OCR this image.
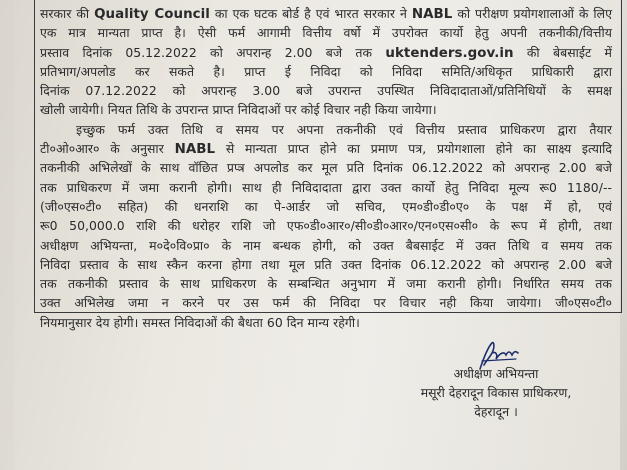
सरकार की Quality Council का एक घटक बोर्ड है एवं भारत सरकार ने NABL को परीक्षण प्रयोगशालाओं के लिए
एक मात्र मान्यता प्राप्त है। ऐसी फर्म आगामी वित्तीय वर्षो में उपरोक्त कार्यो हेतु अपनी तकनीकी/वित्तीय
प्रस्ताव दिनांक 05.12.2022 को अपरान्ह 2.00 बजे तक uktenders.gov.in की बेबसाईट में
प्रतिभाग/अपलोड कर सकते है। प्राप्त ई निविदा को निविदा समिति/अधिकृत प्राधिकारी द्वारा
दिनांक 07.12.2022 को अपरान्ह 3.00 बजे उपरान्त उपस्थित निविदादाताओं/प्रतिनिधियों के समक्ष
खोली जायेगी। नियत तिथि के उपरान्त प्राप्त निविदाओं पर कोई विचार नही किया जायेगा।
इच्छुक फर्म उक्त तिथि व समय पर अपना तकनीकी एवं वित्तीय प्रस्ताव प्राधिकरण द्वारा तैयार
टी०ओ०आर० के अनुसार NABL से मान्यता प्राप्त होने का प्रमाण पत्र, प्रयोगशाला होने का साक्ष्य इत्यादि
तकनीकी अभिलेखों के साथ वॉछित प्रप्त्र अपलोड कर मूल प्रति दिनांक 06.12.2022 को अपरान्ह 2.00 बजे
तक प्राधिकरण में जमा करानी होगी। साथ ही निविदादाता द्वारा उक्त कार्यो हेतु निविदा मूल्य रू0 1180/--
(जी०एस०टी० सहित) की धनराशि का पे-आर्डर जो सचिव, एम०डी०डी०ए० के पक्ष में हो, एवं
रू0 50,000.0 राशि की धरोहर राशि जो एफ०डी०आर०/सी०डी०आर०/एन०एस०सी० के रूप में होगी, तथा
अधीक्षण अभियन्ता, म०दे०वि०प्रा० के नाम बन्धक होगी, को उक्त बैबसाईट में उक्त तिथि व समय तक
निविदा प्रस्ताव के साथ स्कैन करना होगा तथा मूल प्रति उक्त दिनांक 06.12.2022 को अपरान्ह 2.00 बजे
तक तकनीकी प्रस्ताव के साथ प्राधिकरण के सम्बन्धित अनुभाग में जमा करानी होगी। निर्धारित समय तक
उक्त अभिलेख जमा न करने पर उस फर्म की निविदा पर विचार नही किया जायेगा। जी०एस०टी०
नियमानुसार देय होगी। समस्त निविदाओं की बैधता 60 दिन मान्य रहेगी।
अधीक्षण अभियन्ता
मसूरी देहरादून विकास प्राधिकरण,
देहरादून ।
